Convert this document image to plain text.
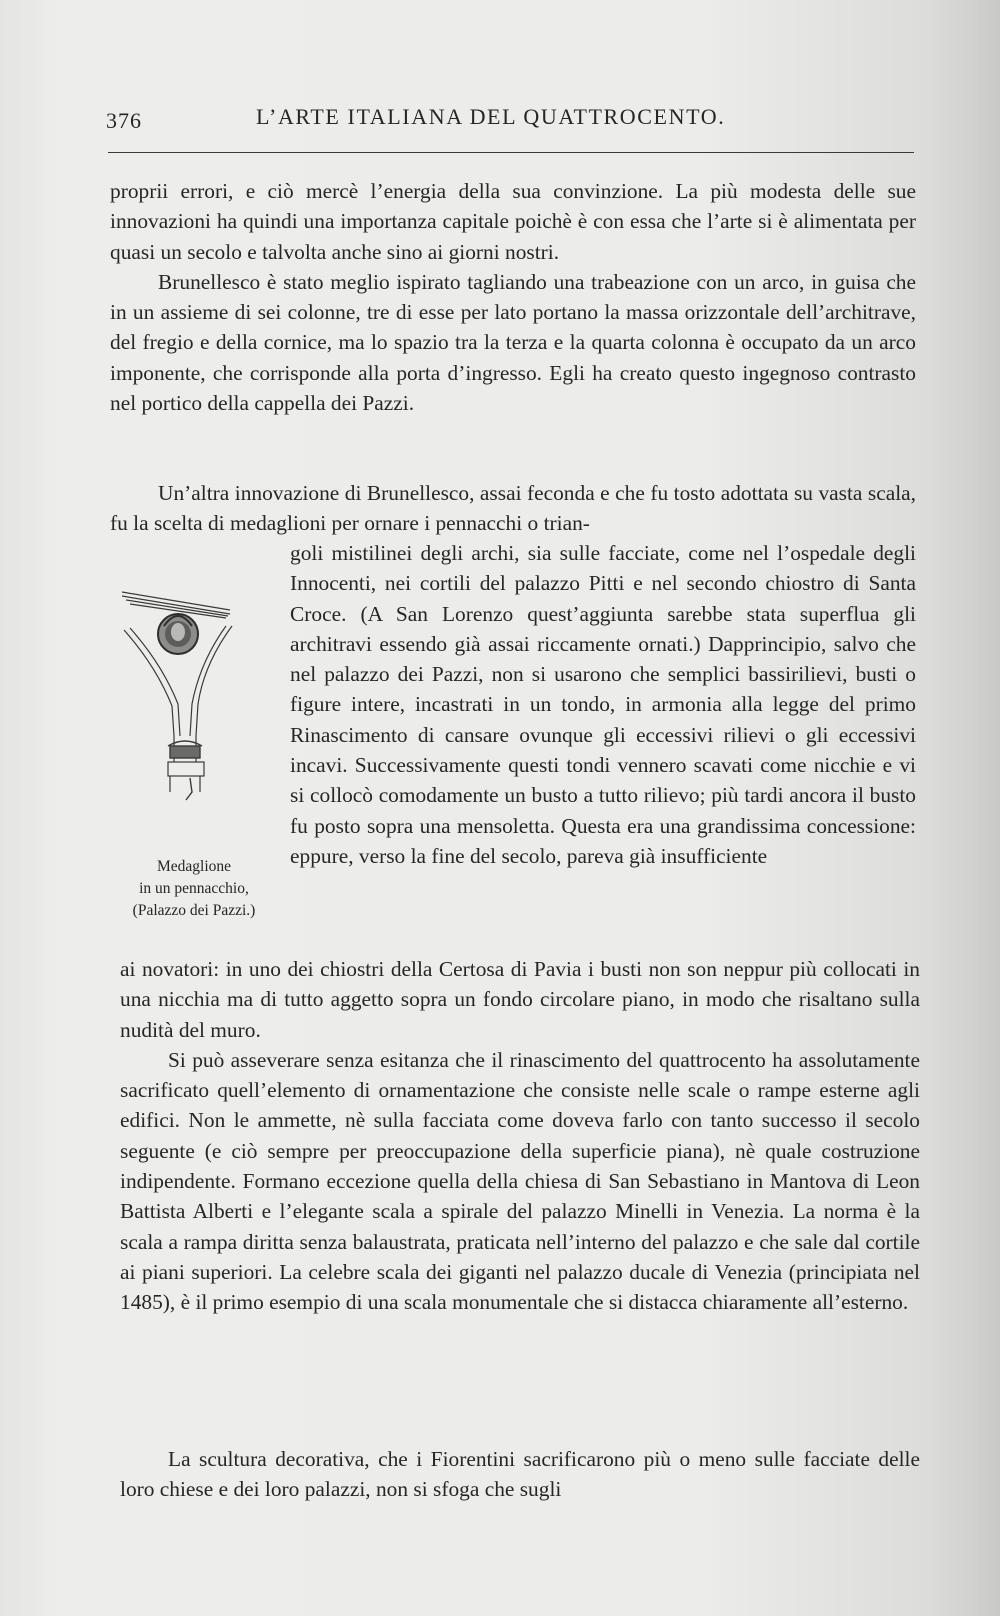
376	L’ARTE ITALIANA DEL QUATTROCENTO.

proprii errori, e ciò mercè l’energia della sua convinzione. La più modesta delle sue innovazioni ha quindi una importanza capitale poichè è con essa che l’arte si è alimentata per quasi un secolo e talvolta anche sino ai giorni nostri.

Brunellesco è stato meglio ispirato tagliando una trabeazione con un arco, in guisa che in un assieme di sei colonne, tre di esse per lato portano la massa orizzontale dell’architrave, del fregio e della cornice, ma lo spazio tra la terza e la quarta colonna è occupato da un arco imponente, che corrisponde alla porta d’ingresso. Egli ha creato questo ingegnoso contrasto nel portico della cappella dei Pazzi.

Un’altra innovazione di Brunellesco, assai feconda e che fu tosto adottata su vasta scala, fu la scelta di medaglioni per ornare i pennacchi o trian-

Medaglione
in un pennacchio,
(Palazzo dei Pazzi.)

goli mistilinei degli archi, sia sulle facciate, come nel l’ospedale degli Innocenti, nei cortili del palazzo Pitti e nel secondo chiostro di Santa Croce. (A San Lorenzo quest’aggiunta sarebbe stata superflua gli architravi essendo già assai riccamente ornati.) Dapprincipio, salvo che nel palazzo dei Pazzi, non si usarono che semplici bassirilievi, busti o figure intere, incastrati in un tondo, in armonia alla legge del primo Rinascimento di cansare ovunque gli eccessivi rilievi o gli eccessivi incavi. Successivamente questi tondi vennero scavati come nicchie e vi si collocò comodamente un busto a tutto rilievo; più tardi ancora il busto fu posto sopra una mensoletta. Questa era una grandissima concessione: eppure, verso la fine del secolo, pareva già insufficiente

ai novatori: in uno dei chiostri della Certosa di Pavia i busti non son neppur più collocati in una nicchia ma di tutto aggetto sopra un fondo circolare piano, in modo che risaltano sulla nudità del muro.

Si può asseverare senza esitanza che il rinascimento del quattrocento ha assolutamente sacrificato quell’elemento di ornamentazione che consiste nelle scale o rampe esterne agli edifici. Non le ammette, nè sulla facciata come doveva farlo con tanto successo il secolo seguente (e ciò sempre per preoccupazione della superficie piana), nè quale costruzione indipendente. Formano eccezione quella della chiesa di San Sebastiano in Mantova di Leon Battista Alberti e l’elegante scala a spirale del palazzo Minelli in Venezia. La norma è la scala a rampa diritta senza balaustrata, praticata nell’interno del palazzo e che sale dal cortile ai piani superiori. La celebre scala dei giganti nel palazzo ducale di Venezia (principiata nel 1485), è il primo esempio di una scala monumentale che si distacca chiaramente all’esterno.

La scultura decorativa, che i Fiorentini sacrificarono più o meno sulle facciate delle loro chiese e dei loro palazzi, non si sfoga che sugli
